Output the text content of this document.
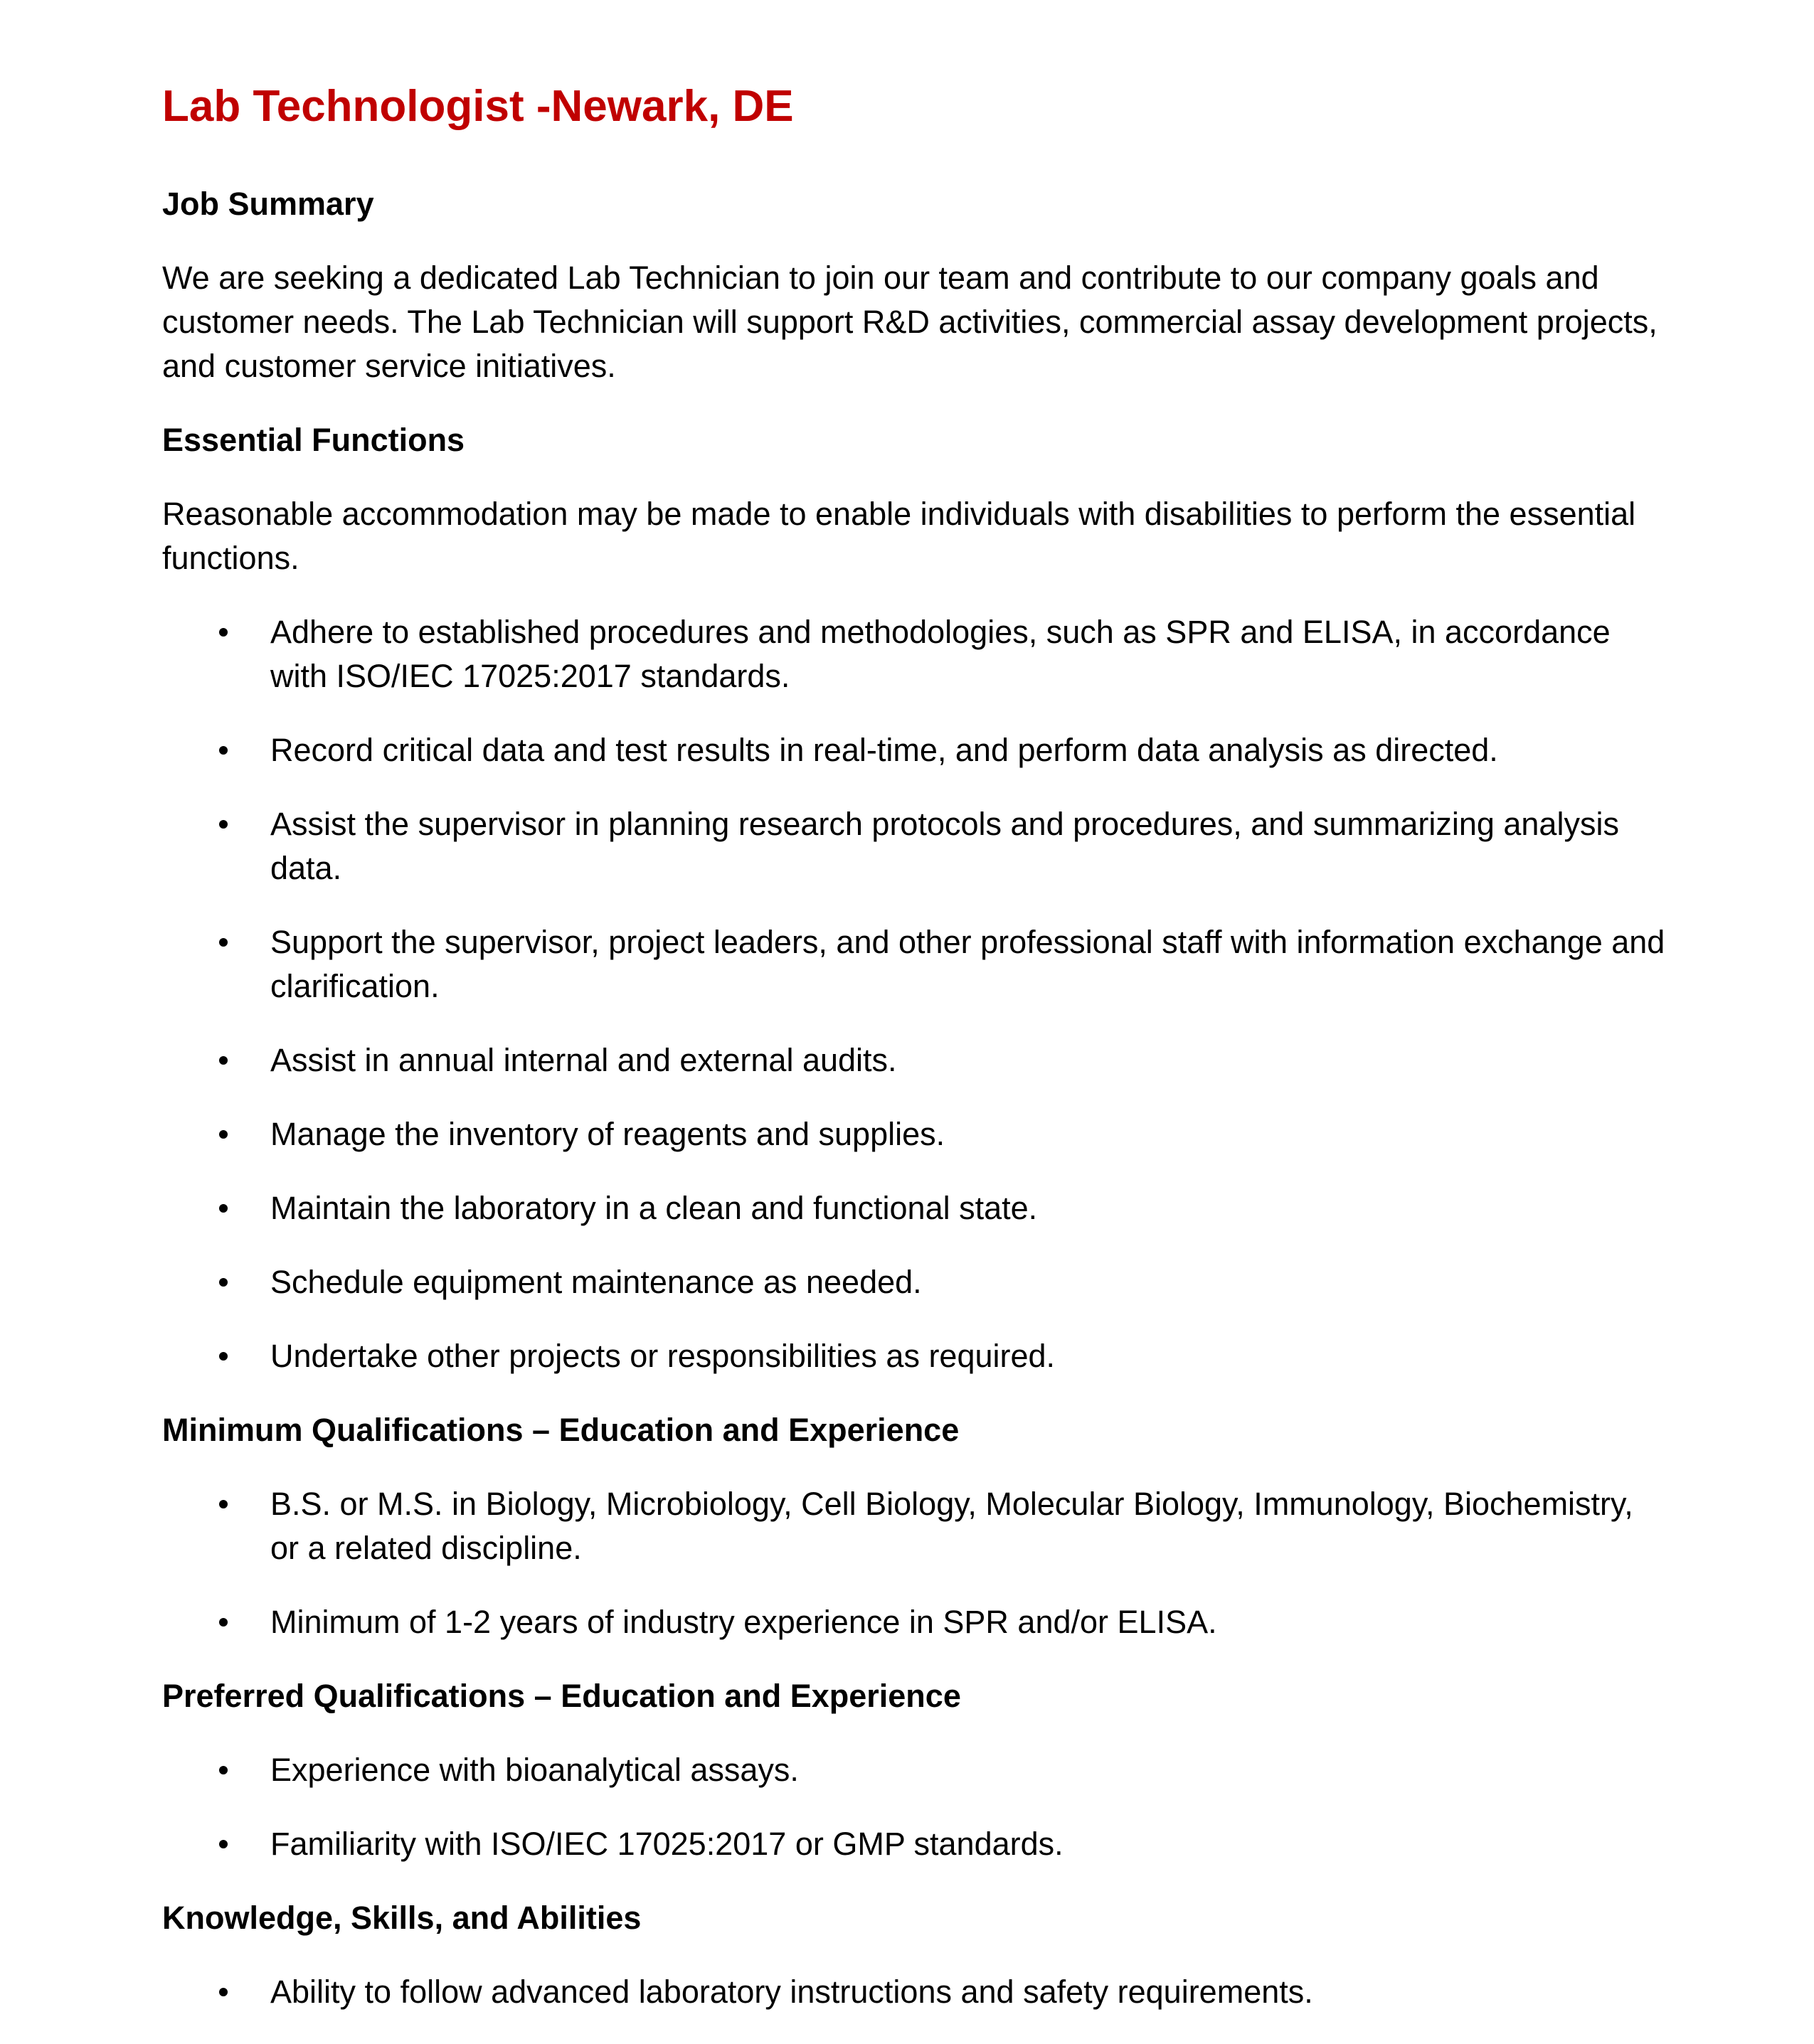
Lab Technologist -Newark, DE
Job Summary

We are seeking a dedicated Lab Technician to join our team and contribute to our company goals and customer needs. The Lab Technician will support R&D activities, commercial assay development projects, and customer service initiatives.

Essential Functions

Reasonable accommodation may be made to enable individuals with disabilities to perform the essential functions.

Adhere to established procedures and methodologies, such as SPR and ELISA, in accordance with ISO/IEC 17025:2017 standards.
Record critical data and test results in real-time, and perform data analysis as directed.
Assist the supervisor in planning research protocols and procedures, and summarizing analysis data.
Support the supervisor, project leaders, and other professional staff with information exchange and clarification.
Assist in annual internal and external audits.
Manage the inventory of reagents and supplies.
Maintain the laboratory in a clean and functional state.
Schedule equipment maintenance as needed.
Undertake other projects or responsibilities as required.
Minimum Qualifications – Education and Experience
B.S. or M.S. in Biology, Microbiology, Cell Biology, Molecular Biology, Immunology, Biochemistry, or a related discipline.
Minimum of 1-2 years of industry experience in SPR and/or ELISA.
Preferred Qualifications – Education and Experience
Experience with bioanalytical assays.
Familiarity with ISO/IEC 17025:2017 or GMP standards.
Knowledge, Skills, and Abilities
Ability to follow advanced laboratory instructions and safety requirements.
